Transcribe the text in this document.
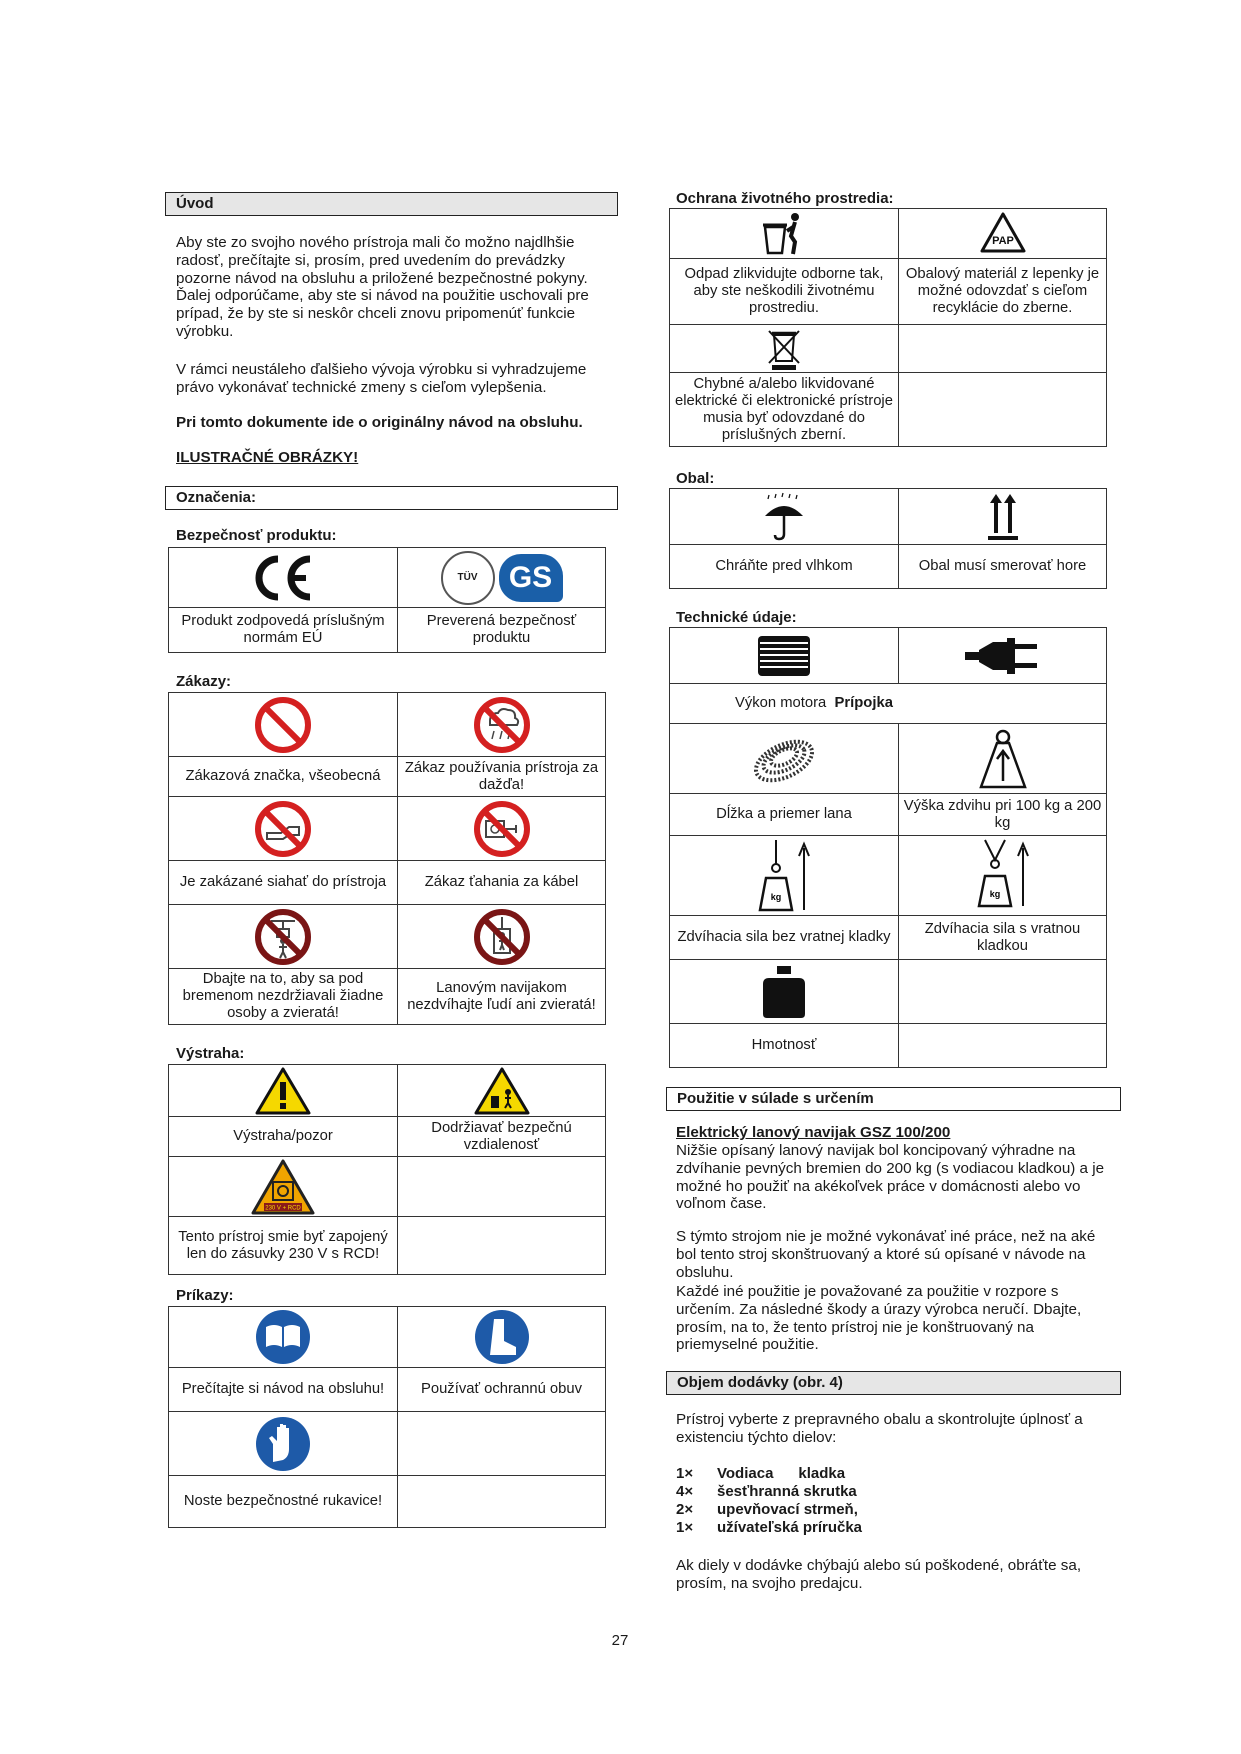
Úvod

Aby ste zo svojho nového prístroja mali čo možno najdlhšie radosť, prečítajte si, prosím, pred uvedením do prevádzky pozorne návod na obsluhu a priložené bezpečnostné pokyny. Ďalej odporúčame, aby ste si návod na použitie uschovali pre prípad, že by ste si neskôr chceli znovu pripomenúť funkcie výrobku.

V rámci neustáleho ďalšieho vývoja výrobku si vyhradzujeme právo vykonávať technické zmeny s cieľom vylepšenia.

Pri tomto dokumente ide o originálny návod na obsluhu.

ILUSTRAČNÉ OBRÁZKY!

Označenia:
Bezpečnosť produktu:

TÜV GS

Produkt zodpovedá príslušným normám EÚ	Preverená bezpečnosť produktu
Zákazy:

Zákazová značka, všeobecná	Zákaz používania prístroja za dažďa!

Je zakázané siahať do prístroja	Zákaz ťahania za kábel

Dbajte na to, aby sa pod bremenom nezdržiavali žiadne osoby a zvieratá!	Lanovým navijakom nezdvíhajte ľudí ani zvieratá!
Výstraha:

Výstraha/pozor	Dodržiavať bezpečnú vzdialenosť

230 V + RCD	

Tento prístroj smie byť zapojený len do zásuvky 230 V s RCD!	
Príkazy:

Prečítajte si návod na obsluhu!	Používať ochrannú obuv

Noste bezpečnostné rukavice!	
Ochrana životného prostredia:

PAP

Odpad zlikvidujte odborne tak, aby ste neškodili životnému prostrediu.	Obalový materiál z lepenky je možné odovzdať s cieľom recyklácie do zberne.

Chybné a/alebo likvidované elektrické či elektronické prístroje musia byť odovzdané do príslušných zberní.	
Obal:

Chráňte pred vlhkom	Obal musí smerovať hore
Technické údaje:

Výkon motora Prípojka	

Dĺžka a priemer lana	Výška zdvihu pri 100 kg a 200 kg

kg	kg

Zdvíhacia sila bez vratnej kladky	Zdvíhacia sila s vratnou kladkou

Hmotnosť	
Použitie v súlade s určením

Elektrický lanový navijak GSZ 100/200

Nižšie opísaný lanový navijak bol koncipovaný výhradne na zdvíhanie pevných bremien do 200 kg (s vodiacou kladkou) a je možné ho použiť na akékoľvek práce v domácnosti alebo vo voľnom čase.

S týmto strojom nie je možné vykonávať iné práce, než na aké bol tento stroj skonštruovaný a ktoré sú opísané v návode na obsluhu.

Každé iné použitie je považované za použitie v rozpore s určením. Za následné škody a úrazy výrobca neručí. Dbajte, prosím, na to, že tento prístroj nie je konštruovaný na priemyselné použitie.

Objem dodávky (obr. 4)

Prístroj vyberte z prepravného obalu a skontrolujte úplnosť a existenciu týchto dielov:

1×	Vodiaca      kladka
4×	šesťhranná skrutka
2×	upevňovací strmeň,
1×	užívateľská príručka

Ak diely v dodávke chýbajú alebo sú poškodené, obráťte sa, prosím, na svojho predajcu.

27
